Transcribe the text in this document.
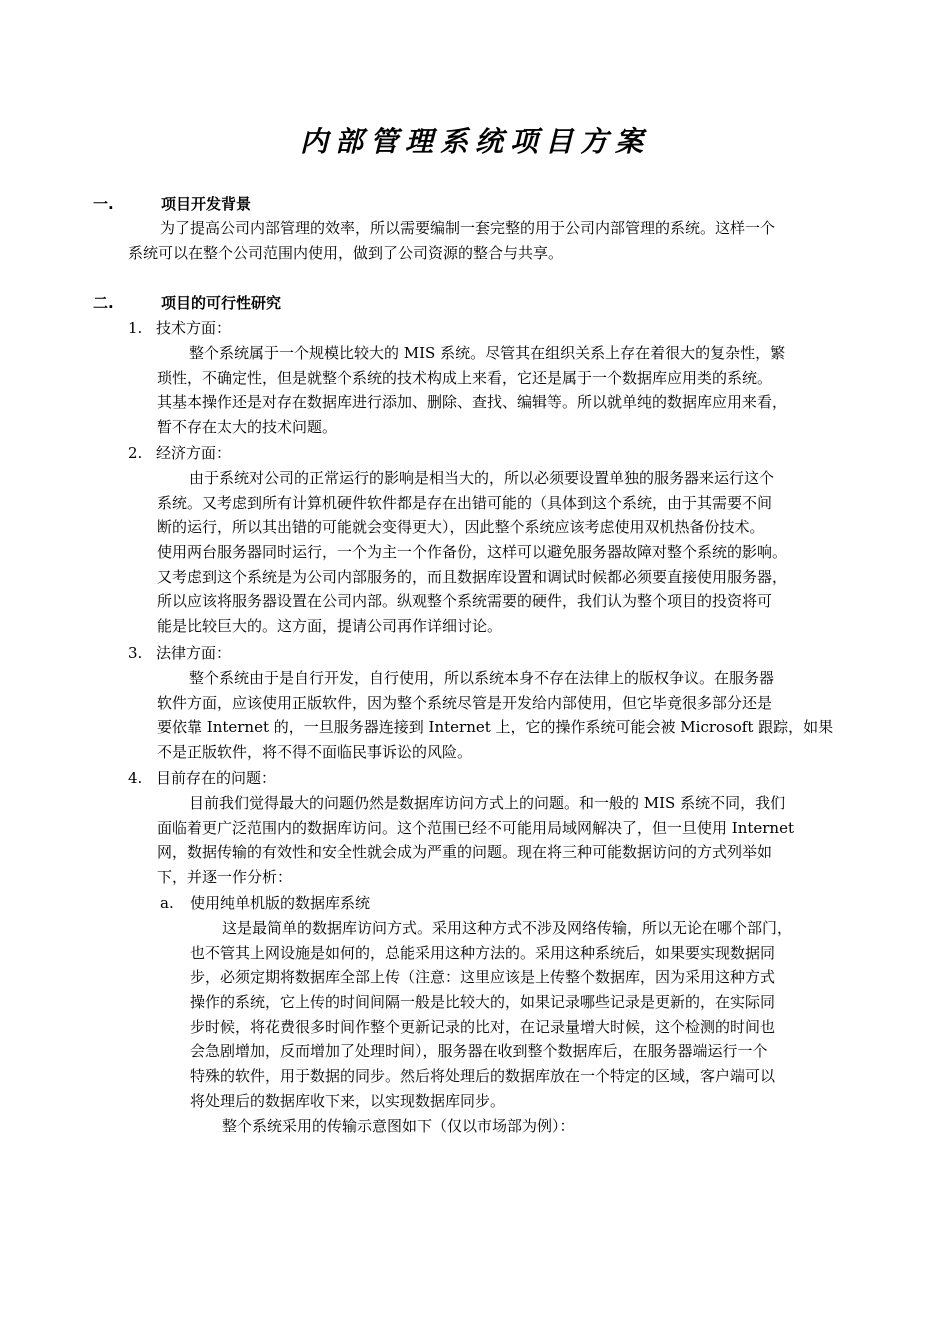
内部管理系统项目方案
一.	项目开发背景
为了提高公司内部管理的效率，所以需要编制一套完整的用于公司内部管理的系统。这样一个
系统可以在整个公司范围内使用，做到了公司资源的整合与共享。
二.	项目的可行性研究
1. 技术方面：
整个系统属于一个规模比较大的 MIS 系统。尽管其在组织关系上存在着很大的复杂性，繁
琐性，不确定性，但是就整个系统的技术构成上来看，它还是属于一个数据库应用类的系统。
其基本操作还是对存在数据库进行添加、删除、查找、编辑等。所以就单纯的数据库应用来看，
暂不存在太大的技术问题。
2. 经济方面：
由于系统对公司的正常运行的影响是相当大的，所以必须要设置单独的服务器来运行这个
系统。又考虑到所有计算机硬件软件都是存在出错可能的（具体到这个系统，由于其需要不间
断的运行，所以其出错的可能就会变得更大），因此整个系统应该考虑使用双机热备份技术。
使用两台服务器同时运行，一个为主一个作备份，这样可以避免服务器故障对整个系统的影响。
又考虑到这个系统是为公司内部服务的，而且数据库设置和调试时候都必须要直接使用服务器，
所以应该将服务器设置在公司内部。纵观整个系统需要的硬件，我们认为整个项目的投资将可
能是比较巨大的。这方面，提请公司再作详细讨论。
3. 法律方面：
整个系统由于是自行开发，自行使用，所以系统本身不存在法律上的版权争议。在服务器
软件方面，应该使用正版软件，因为整个系统尽管是开发给内部使用，但它毕竟很多部分还是
要依靠 Internet 的，一旦服务器连接到 Internet 上，它的操作系统可能会被 Microsoft 跟踪，如果
不是正版软件，将不得不面临民事诉讼的风险。
4. 目前存在的问题：
目前我们觉得最大的问题仍然是数据库访问方式上的问题。和一般的 MIS 系统不同，我们
面临着更广泛范围内的数据库访问。这个范围已经不可能用局域网解决了，但一旦使用 Internet
网，数据传输的有效性和安全性就会成为严重的问题。现在将三种可能数据访问的方式列举如
下，并逐一作分析：
a. 使用纯单机版的数据库系统
这是最简单的数据库访问方式。采用这种方式不涉及网络传输，所以无论在哪个部门，
也不管其上网设施是如何的，总能采用这种方法的。采用这种系统后，如果要实现数据同
步，必须定期将数据库全部上传（注意：这里应该是上传整个数据库，因为采用这种方式
操作的系统，它上传的时间间隔一般是比较大的，如果记录哪些记录是更新的，在实际同
步时候，将花费很多时间作整个更新记录的比对，在记录量增大时候，这个检测的时间也
会急剧增加，反而增加了处理时间），服务器在收到整个数据库后，在服务器端运行一个
特殊的软件，用于数据的同步。然后将处理后的数据库放在一个特定的区域，客户端可以
将处理后的数据库收下来，以实现数据库同步。
整个系统采用的传输示意图如下（仅以市场部为例）：
